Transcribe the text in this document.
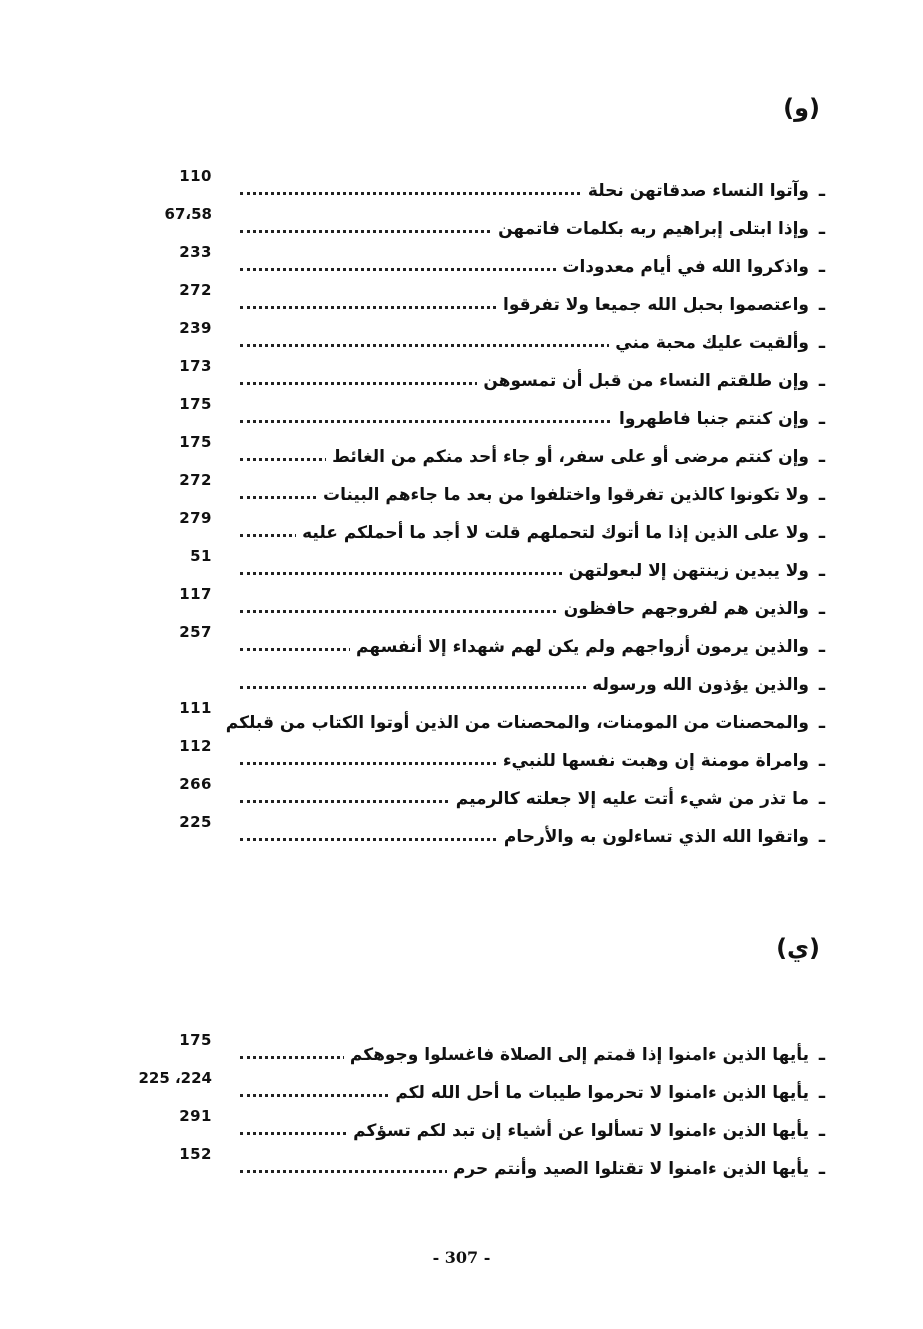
(و)
ـ
وآتوا النساء صدقاتهن نحلة
110
ـ
وإذا ابتلى إبراهيم ربه بكلمات فاتمهن
67،58
ـ
واذكروا الله في أيام معدودات
233
ـ
واعتصموا بحبل الله جميعا ولا تفرقوا
272
ـ
وألقيت عليك محبة مني
239
ـ
وإن طلقتم النساء من قبل أن تمسوهن
173
ـ
وإن كنتم جنبا فاطهروا
175
ـ
وإن كنتم مرضى أو على سفر، أو جاء أحد منكم من الغائط
175
ـ
ولا تكونوا كالذين تفرقوا واختلفوا من بعد ما جاءهم البينات
272
ـ
ولا على الذين إذا ما أتوك لتحملهم قلت لا أجد ما أحملكم عليه
279
ـ
ولا يبدين زينتهن إلا لبعولتهن
51
ـ
والذين هم لفروجهم حافظون
117
ـ
والذين يرمون أزواجهم ولم يكن لهم شهداء إلا أنفسهم
257
ـ
والذين يؤذون الله ورسوله
ـ
والمحصنات من المومنات، والمحصنات من الذين أوتوا الكتاب من قبلكم
111
ـ
وامراة مومنة إن وهبت نفسها للنبيء
112
ـ
ما تذر من شيء أتت عليه إلا جعلته كالرميم
266
ـ
واتقوا الله الذي تساءلون به والأرحام
225
(ي)
ـ
يأيها الذين ءامنوا إذا قمتم إلى الصلاة فاغسلوا وجوهكم
175
ـ
يأيها الذين ءامنوا لا تحرموا طيبات ما أحل الله لكم
225 ،224
ـ
يأيها الذين ءامنوا لا تسألوا عن أشياء إن تبد لكم تسؤكم
291
ـ
يأيها الذين ءامنوا لا تقتلوا الصيد وأنتم حرم
152
- 307 -
